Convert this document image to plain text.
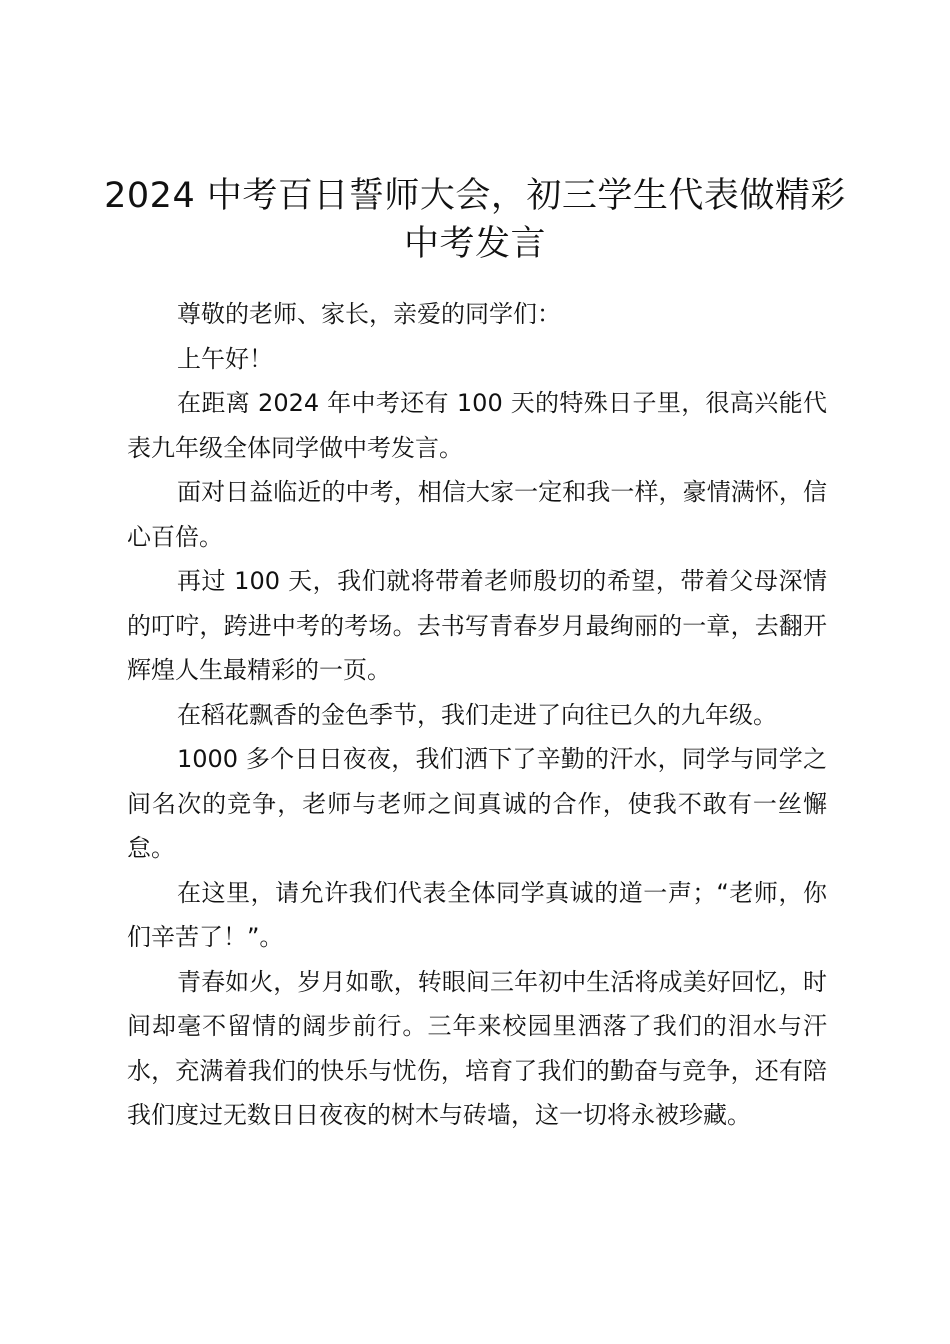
2024 中考百日誓师大会，初三学生代表做精彩中考发言

尊敬的老师、家长，亲爱的同学们：

上午好！

在距离 2024 年中考还有 100 天的特殊日子里，很高兴能代表九年级全体同学做中考发言。

面对日益临近的中考，相信大家一定和我一样，豪情满怀，信心百倍。

再过 100 天，我们就将带着老师殷切的希望，带着父母深情的叮咛，跨进中考的考场。去书写青春岁月最绚丽的一章，去翻开辉煌人生最精彩的一页。

在稻花飘香的金色季节，我们走进了向往已久的九年级。

1000 多个日日夜夜，我们洒下了辛勤的汗水，同学与同学之间名次的竞争，老师与老师之间真诚的合作，使我不敢有一丝懈怠。

在这里，请允许我们代表全体同学真诚的道一声；“老师，你们辛苦了！”。

青春如火，岁月如歌，转眼间三年初中生活将成美好回忆，时间却毫不留情的阔步前行。三年来校园里洒落了我们的泪水与汗水，充满着我们的快乐与忧伤，培育了我们的勤奋与竞争，还有陪我们度过无数日日夜夜的树木与砖墙，这一切将永被珍藏。
